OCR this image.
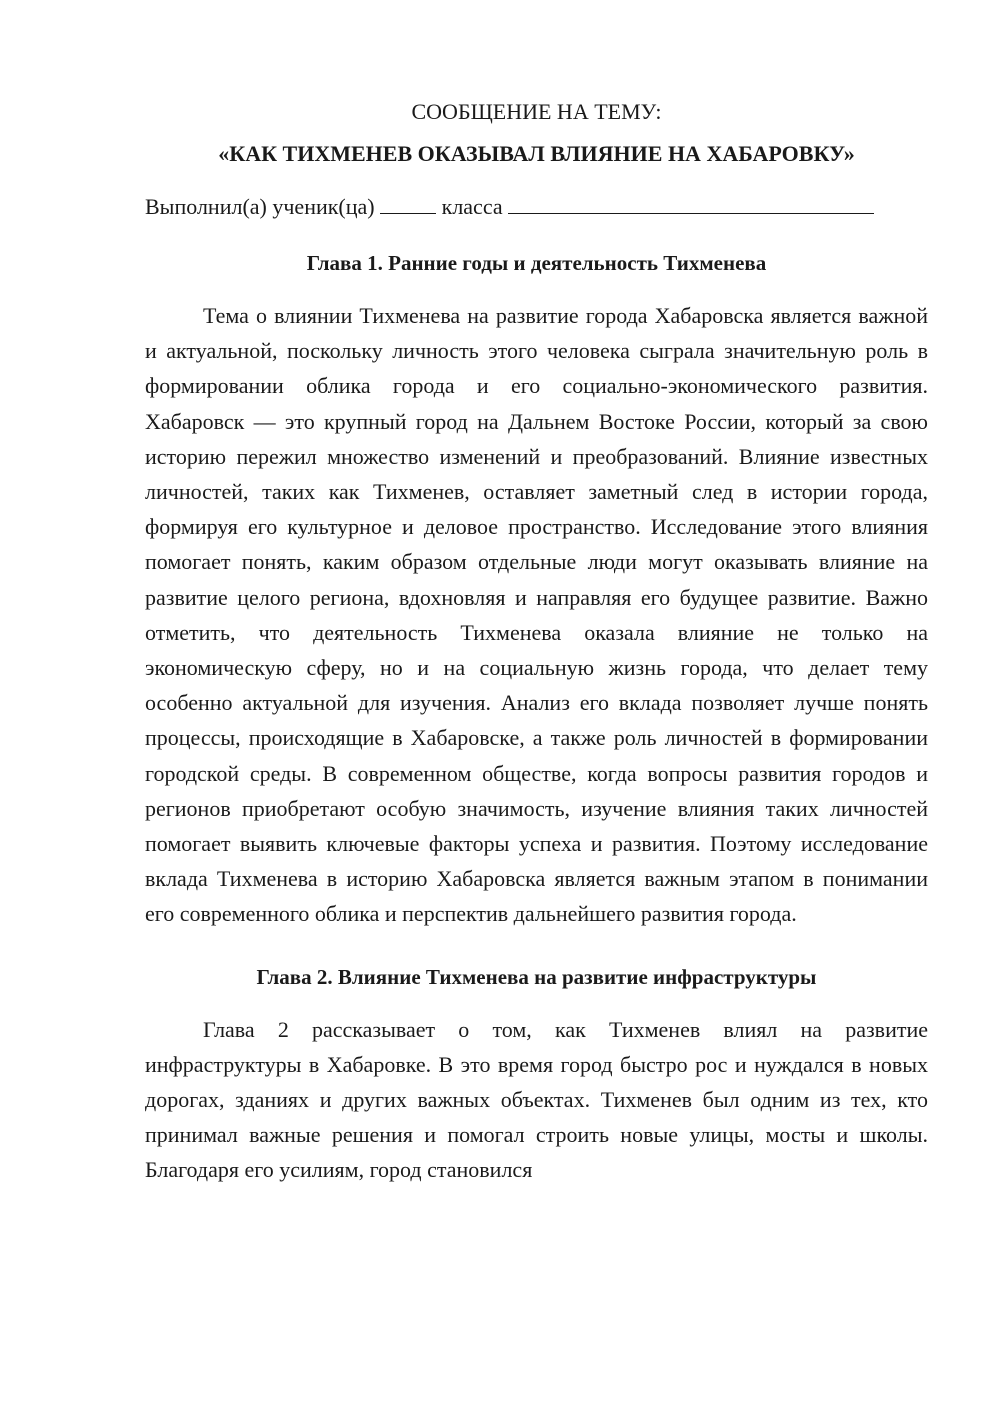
СООБЩЕНИЕ НА ТЕМУ:

«КАК ТИХМЕНЕВ ОКАЗЫВАЛ ВЛИЯНИЕ НА ХАБАРОВКУ»

Выполнил(а) ученик(ца)	класса
Глава 1. Ранние годы и деятельность Тихменева

Тема о влиянии Тихменева на развитие города Хабаровска является важной и актуальной, поскольку личность этого человека сыграла значительную роль в формировании облика города и его социально-экономического развития. Хабаровск — это крупный город на Дальнем Востоке России, который за свою историю пережил множество изменений и преобразований. Влияние известных личностей, таких как Тихменев, оставляет заметный след в истории города, формируя его культурное и деловое пространство. Исследование этого влияния помогает понять, каким образом отдельные люди могут оказывать влияние на развитие целого региона, вдохновляя и направляя его будущее развитие. Важно отметить, что деятельность Тихменева оказала влияние не только на экономическую сферу, но и на социальную жизнь города, что делает тему особенно актуальной для изучения. Анализ его вклада позволяет лучше понять процессы, происходящие в Хабаровске, а также роль личностей в формировании городской среды. В современном обществе, когда вопросы развития городов и регионов приобретают особую значимость, изучение влияния таких личностей помогает выявить ключевые факторы успеха и развития. Поэтому исследование вклада Тихменева в историю Хабаровска является важным этапом в понимании его современного облика и перспектив дальнейшего развития города.

Глава 2. Влияние Тихменева на развитие инфраструктуры

Глава 2 рассказывает о том, как Тихменев влиял на развитие инфраструктуры в Хабаровке. В это время город быстро рос и нуждался в новых дорогах, зданиях и других важных объектах. Тихменев был одним из тех, кто принимал важные решения и помогал строить новые улицы, мосты и школы. Благодаря его усилиям, город становился
